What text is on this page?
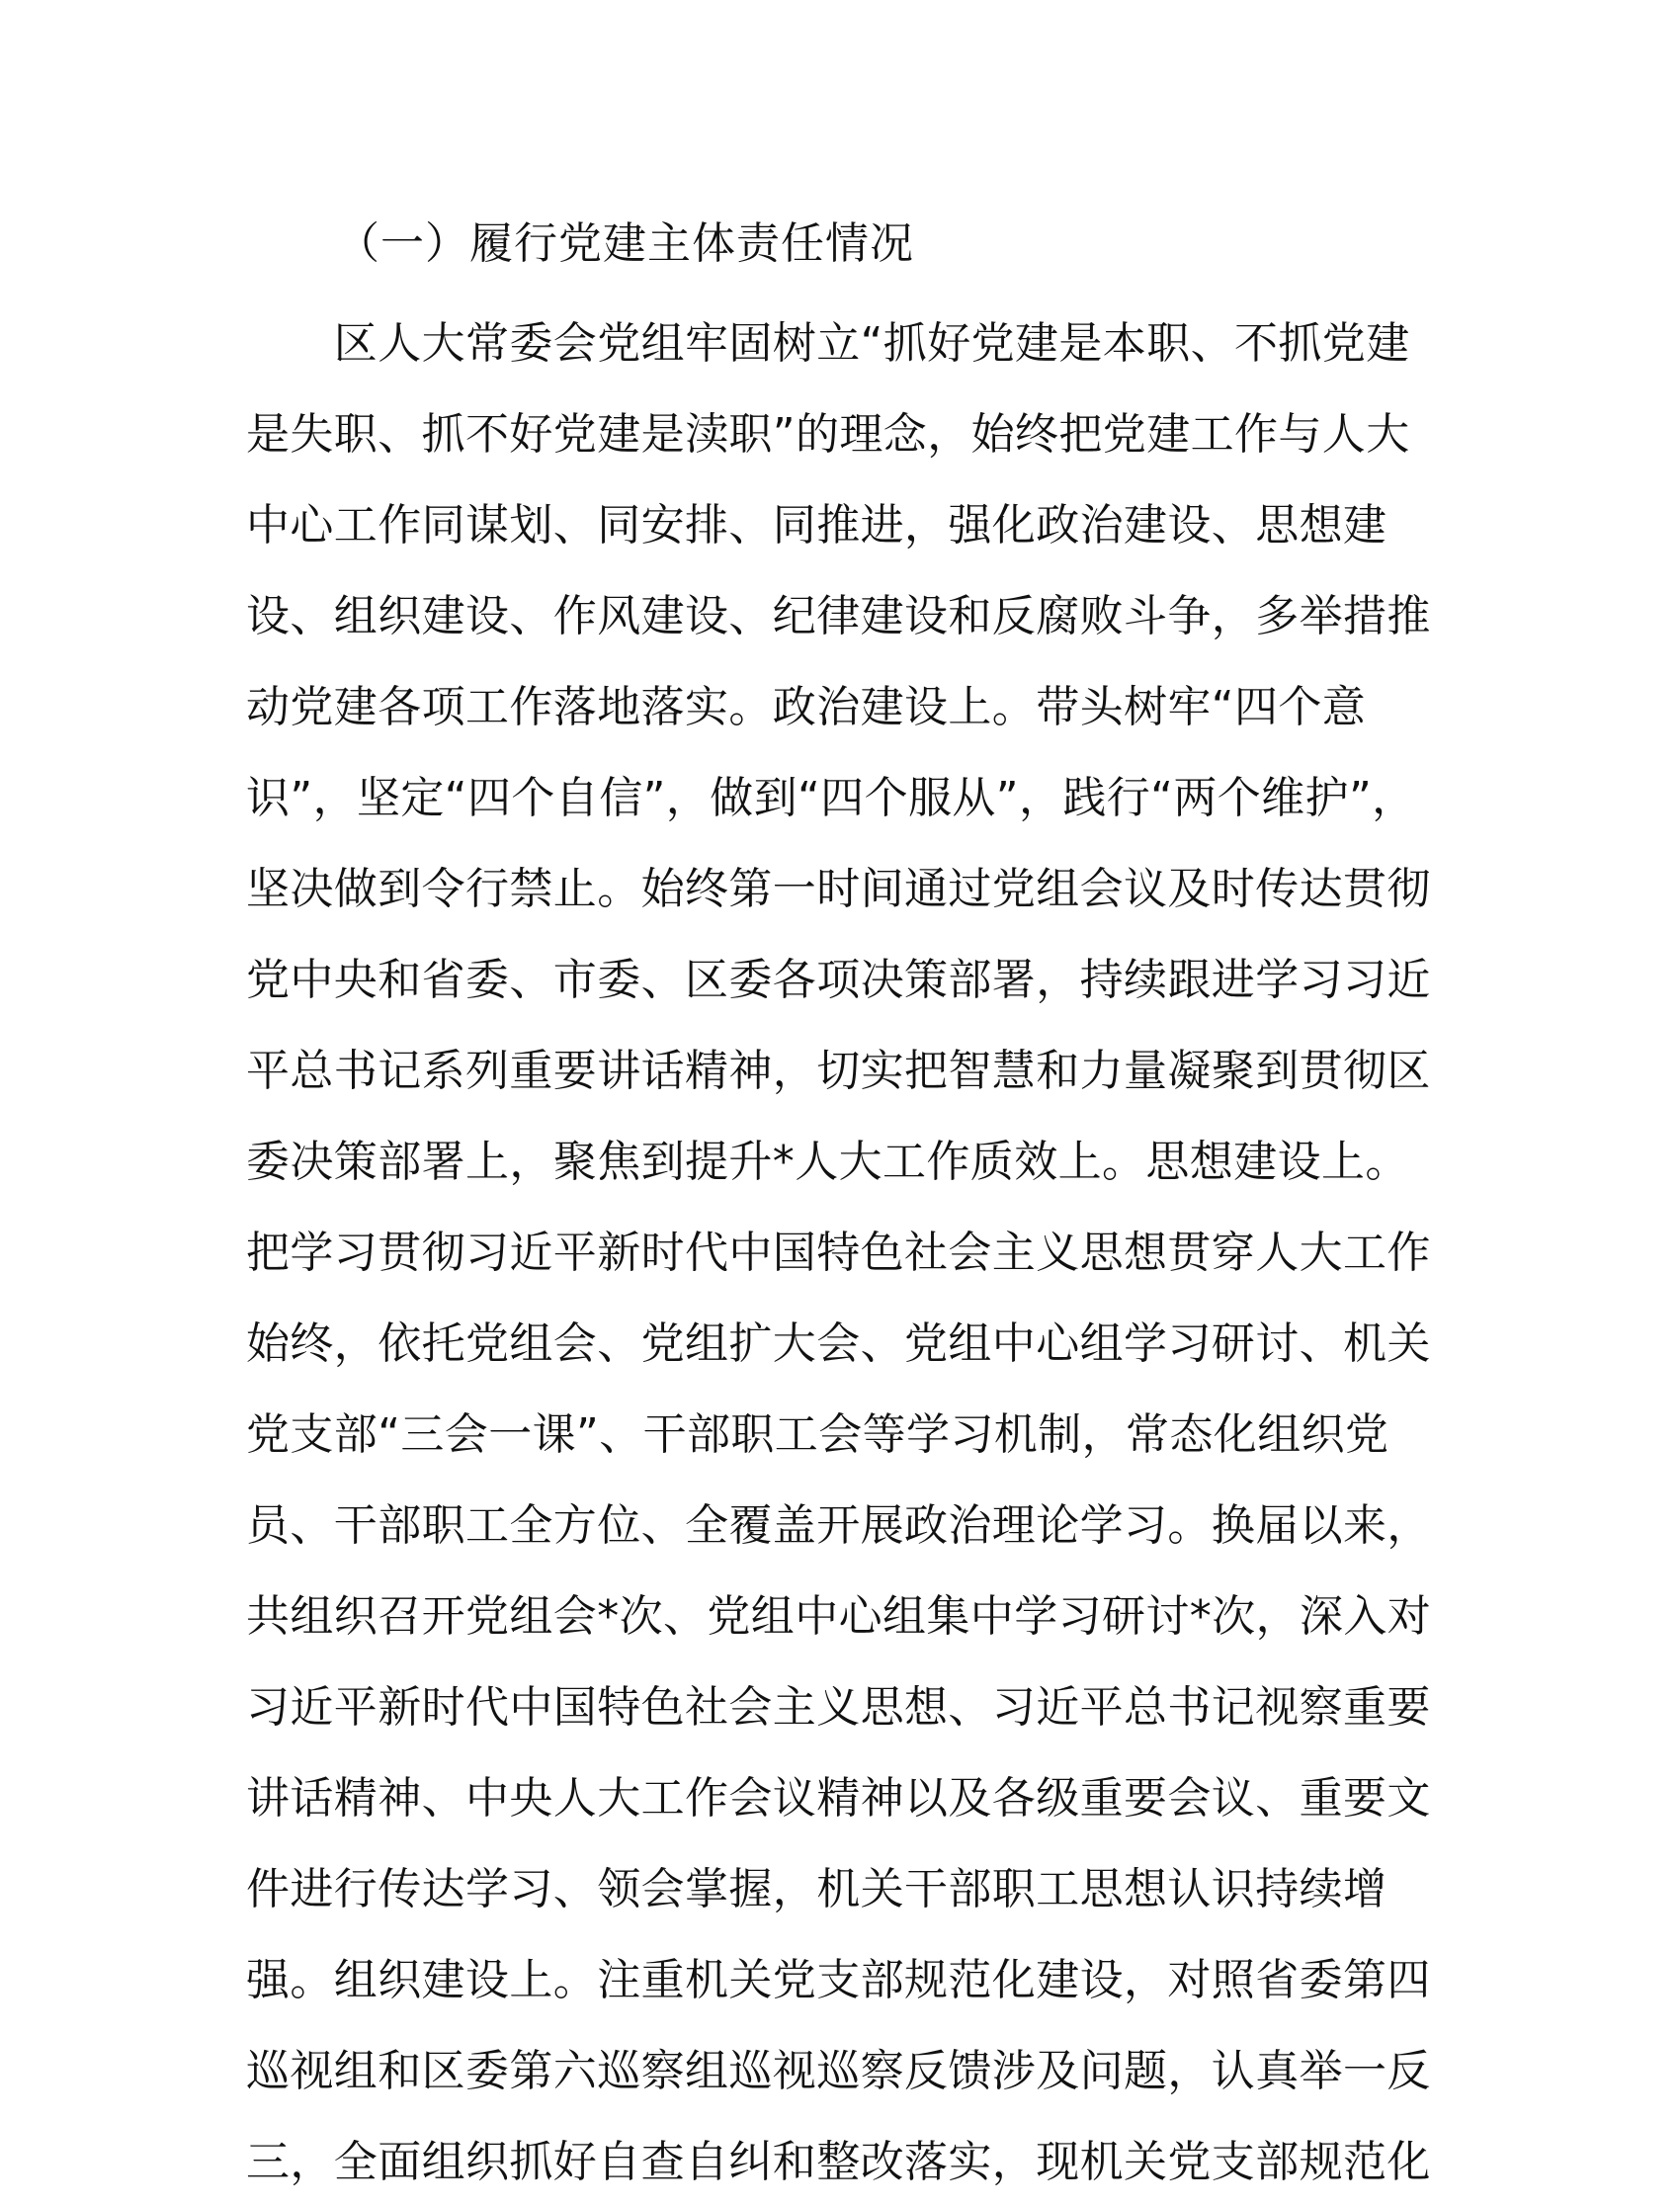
（一）履行党建主体责任情况
　　区人大常委会党组牢固树立“抓好党建是本职、不抓党建
是失职、抓不好党建是渎职”的理念，始终把党建工作与人大
中心工作同谋划、同安排、同推进，强化政治建设、思想建
设、组织建设、作风建设、纪律建设和反腐败斗争，多举措推
动党建各项工作落地落实。政治建设上。带头树牢“四个意
识”，坚定“四个自信”，做到“四个服从”，践行“两个维护”，
坚决做到令行禁止。始终第一时间通过党组会议及时传达贯彻
党中央和省委、市委、区委各项决策部署，持续跟进学习习近
平总书记系列重要讲话精神，切实把智慧和力量凝聚到贯彻区
委决策部署上，聚焦到提升*人大工作质效上。思想建设上。
把学习贯彻习近平新时代中国特色社会主义思想贯穿人大工作
始终，依托党组会、党组扩大会、党组中心组学习研讨、机关
党支部“三会一课”、干部职工会等学习机制，常态化组织党
员、干部职工全方位、全覆盖开展政治理论学习。换届以来，
共组织召开党组会*次、党组中心组集中学习研讨*次，深入对
习近平新时代中国特色社会主义思想、习近平总书记视察重要
讲话精神、中央人大工作会议精神以及各级重要会议、重要文
件进行传达学习、领会掌握，机关干部职工思想认识持续增
强。组织建设上。注重机关党支部规范化建设，对照省委第四
巡视组和区委第六巡察组巡视巡察反馈涉及问题，认真举一反
三，全面组织抓好自查自纠和整改落实，现机关党支部规范化
